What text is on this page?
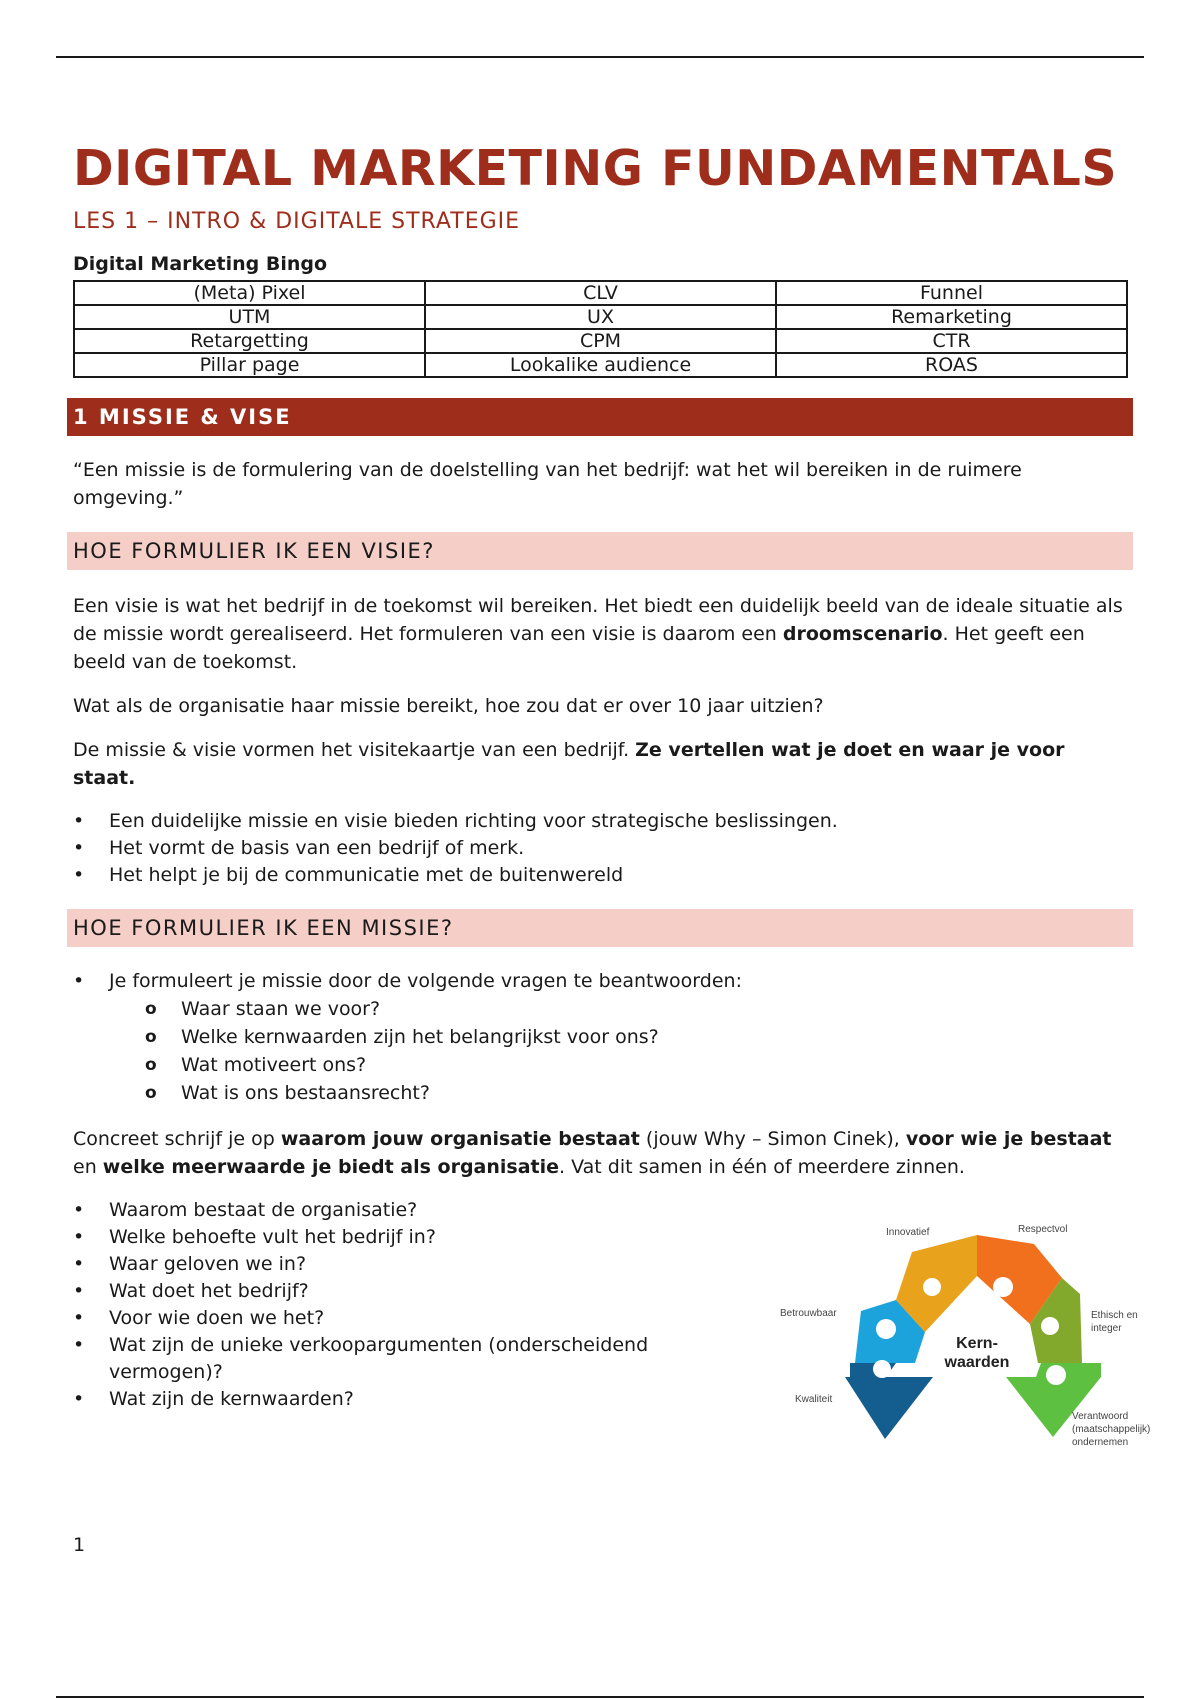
DIGITAL MARKETING FUNDAMENTALS
LES 1 – INTRO & DIGITALE STRATEGIE
Digital Marketing Bingo
(Meta) Pixel	CLV	Funnel
UTM	UX	Remarketing
Retargetting	CPM	CTR
Pillar page	Lookalike audience	ROAS
1 MISSIE & VISE

“Een missie is de formulering van de doelstelling van het bedrijf: wat het wil bereiken in de ruimere omgeving.”

HOE FORMULIER IK EEN VISIE?

Een visie is wat het bedrijf in de toekomst wil bereiken. Het biedt een duidelijk beeld van de ideale situatie als de missie wordt gerealiseerd. Het formuleren van een visie is daarom een droomscenario. Het geeft een beeld van de toekomst.

Wat als de organisatie haar missie bereikt, hoe zou dat er over 10 jaar uitzien?

De missie & visie vormen het visitekaartje van een bedrijf. Ze vertellen wat je doet en waar je voor staat.

• Een duidelijke missie en visie bieden richting voor strategische beslissingen.
• Het vormt de basis van een bedrijf of merk.
• Het helpt je bij de communicatie met de buitenwereld
HOE FORMULIER IK EEN MISSIE?
• Je formuleert je missie door de volgende vragen te beantwoorden:
o Waar staan we voor?
o Welke kernwaarden zijn het belangrijkst voor ons?
o Wat motiveert ons?
o Wat is ons bestaansrecht?

Concreet schrijf je op waarom jouw organisatie bestaat (jouw Why – Simon Cinek), voor wie je bestaat en welke meerwaarde je biedt als organisatie. Vat dit samen in één of meerdere zinnen.

• Waarom bestaat de organisatie?
• Welke behoefte vult het bedrijf in?
• Waar geloven we in?
• Wat doet het bedrijf?
• Voor wie doen we het?
• Wat zijn de unieke verkoopargumenten (onderscheidend vermogen)?
• Wat zijn de kernwaarden?
Kern-
waarden
Innovatief	Respectvol
Betrouwbaar	Ethisch en
integer
Kwaliteit
Verantwoord
(maatschappelijk)
ondernemen
1
